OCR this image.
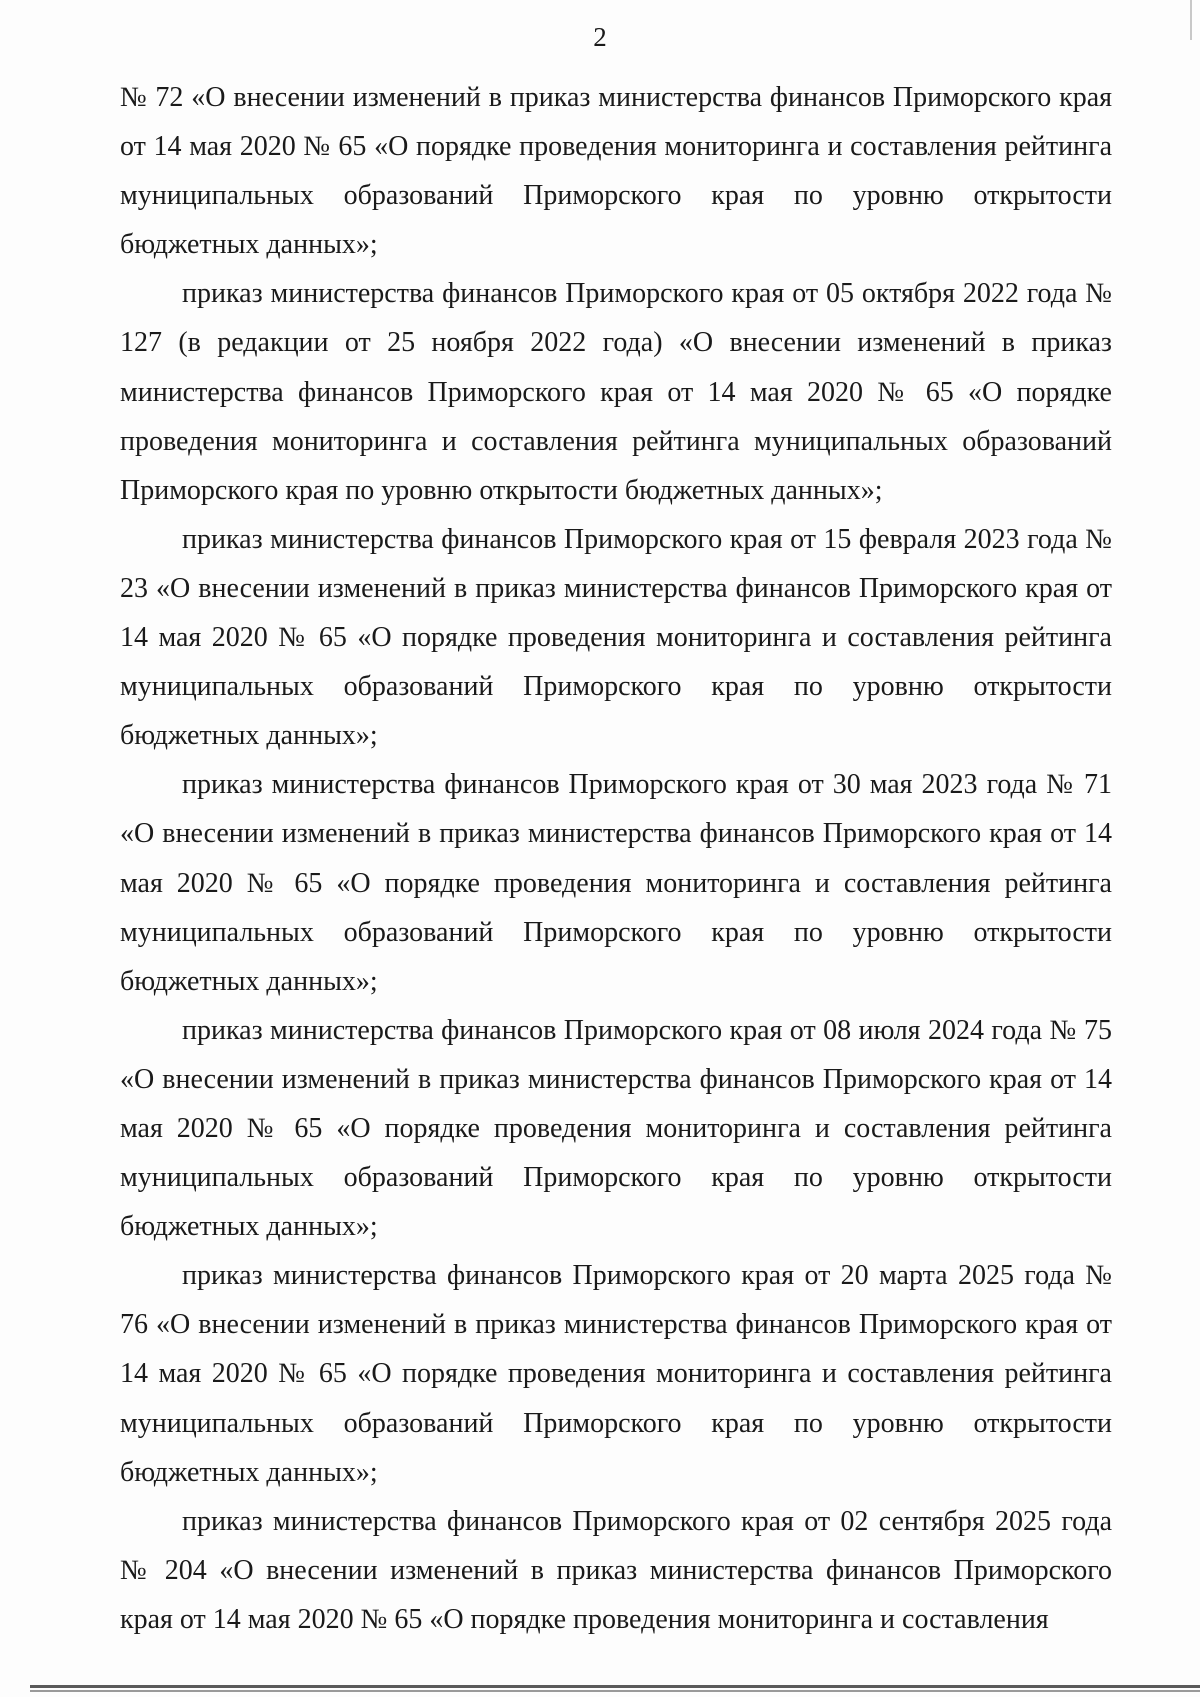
2

№ 72 «О внесении изменений в приказ министерства финансов Приморского края от 14 мая 2020 № 65 «О порядке проведения мониторинга и составления рейтинга муниципальных образований Приморского края по уровню открытости бюджетных данных»;

приказ министерства финансов Приморского края от 05 октября 2022 года № 127 (в редакции от 25 ноября 2022 года) «О внесении изменений в приказ министерства финансов Приморского края от 14 мая 2020 № 65 «О порядке проведения мониторинга и составления рейтинга муниципальных образований Приморского края по уровню открытости бюджетных данных»;

приказ министерства финансов Приморского края от 15 февраля 2023 года № 23 «О внесении изменений в приказ министерства финансов Приморского края от 14 мая 2020 № 65 «О порядке проведения мониторинга и составления рейтинга муниципальных образований Приморского края по уровню открытости бюджетных данных»;

приказ министерства финансов Приморского края от 30 мая 2023 года № 71 «О внесении изменений в приказ министерства финансов Приморского края от 14 мая 2020 № 65 «О порядке проведения мониторинга и составления рейтинга муниципальных образований Приморского края по уровню открытости бюджетных данных»;

приказ министерства финансов Приморского края от 08 июля 2024 года № 75 «О внесении изменений в приказ министерства финансов Приморского края от 14 мая 2020 № 65 «О порядке проведения мониторинга и составления рейтинга муниципальных образований Приморского края по уровню открытости бюджетных данных»;

приказ министерства финансов Приморского края от 20 марта 2025 года № 76 «О внесении изменений в приказ министерства финансов Приморского края от 14 мая 2020 № 65 «О порядке проведения мониторинга и составления рейтинга муниципальных образований Приморского края по уровню открытости бюджетных данных»;

приказ министерства финансов Приморского края от 02 сентября 2025 года № 204 «О внесении изменений в приказ министерства финансов Приморского края от 14 мая 2020 № 65 «О порядке проведения мониторинга и составления
